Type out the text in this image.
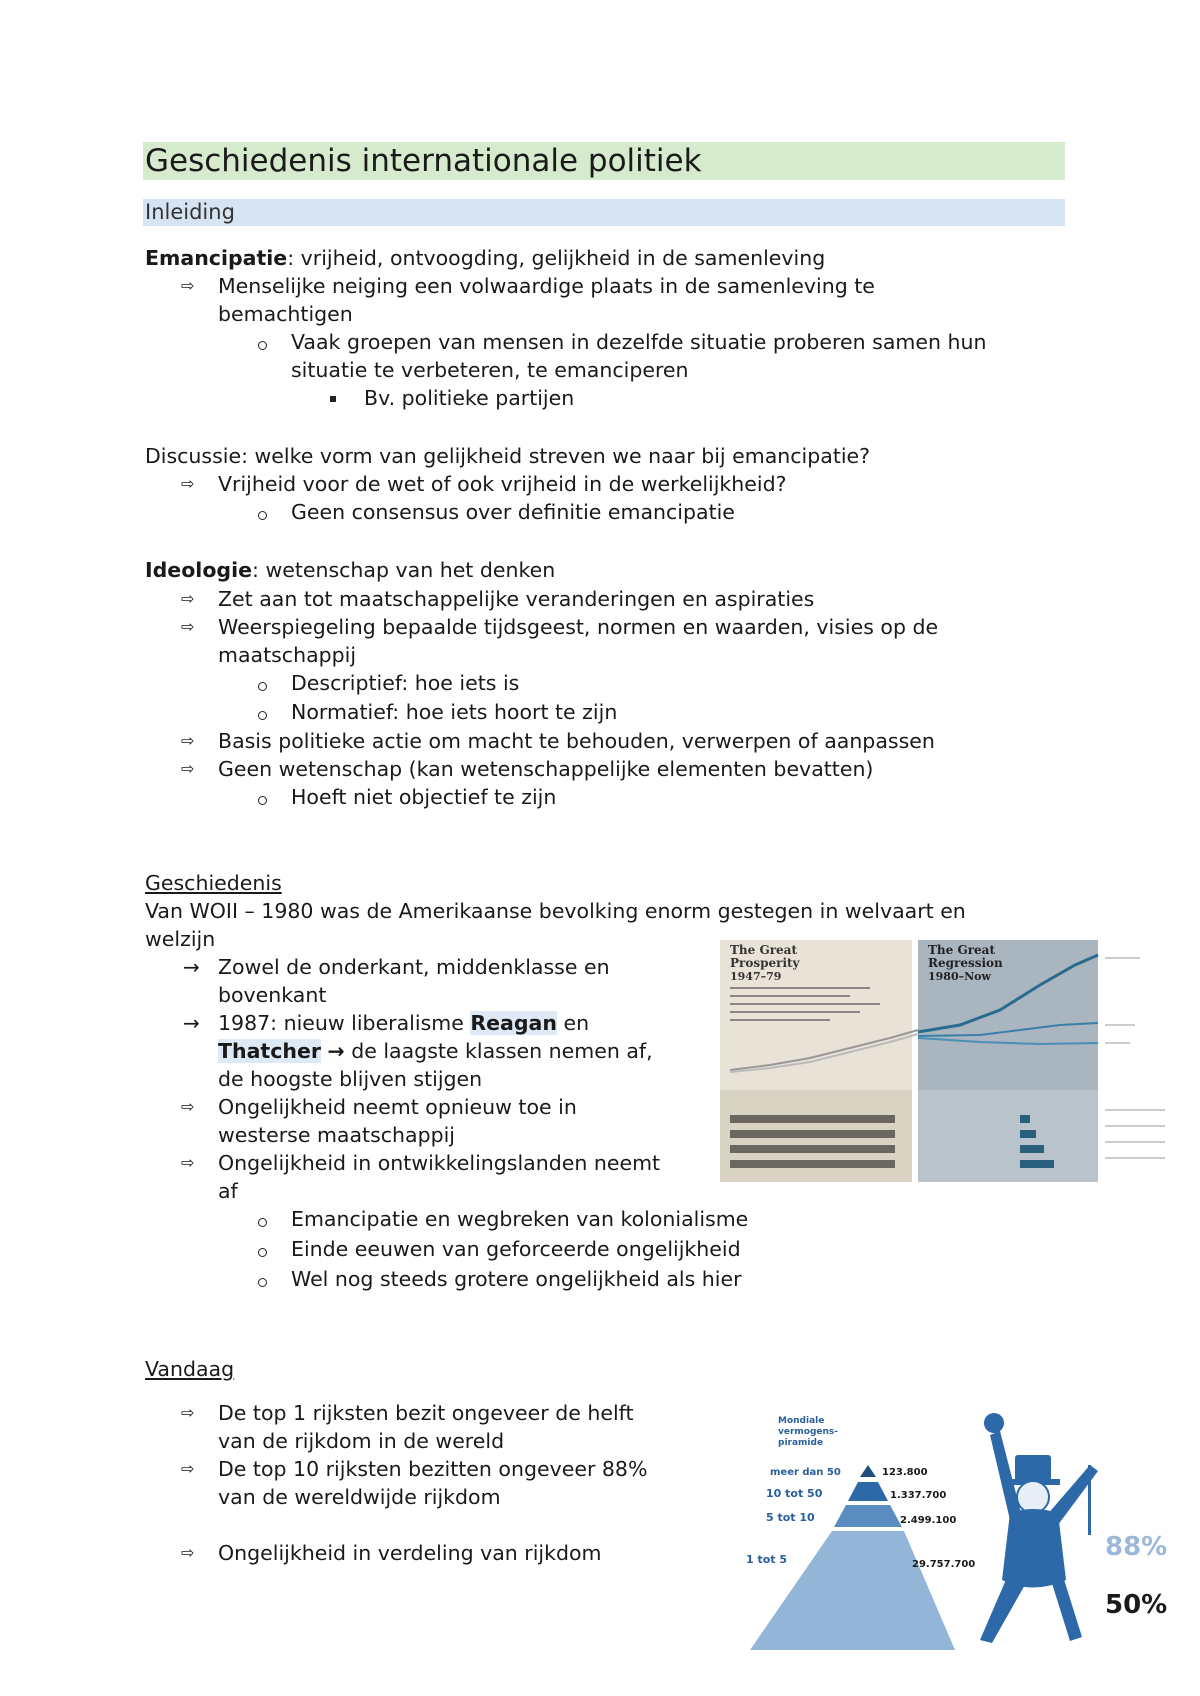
Geschiedenis internationale politiek
Inleiding
Emancipatie: vrijheid, ontvoogding, gelijkheid in de samenleving
⇨ Menselijke neiging een volwaardige plaats in de samenleving te
bemachtigen
Vaak groepen van mensen in dezelfde situatie proberen samen hun
situatie te verbeteren, te emanciperen
Bv. politieke partijen
Discussie: welke vorm van gelijkheid streven we naar bij emancipatie?
⇨ Vrijheid voor de wet of ook vrijheid in de werkelijkheid?
Geen consensus over definitie emancipatie
Ideologie: wetenschap van het denken
⇨ Zet aan tot maatschappelijke veranderingen en aspiraties
⇨ Weerspiegeling bepaalde tijdsgeest, normen en waarden, visies op de
maatschappij
Descriptief: hoe iets is
Normatief: hoe iets hoort te zijn
⇨ Basis politieke actie om macht te behouden, verwerpen of aanpassen
⇨ Geen wetenschap (kan wetenschappelijke elementen bevatten)
Hoeft niet objectief te zijn
Geschiedenis
Van WOII – 1980 was de Amerikaanse bevolking enorm gestegen in welvaart en
welzijn
→ Zowel de onderkant, middenklasse en
bovenkant
→ 1987: nieuw liberalisme Reagan en
Thatcher → de laagste klassen nemen af,
de hoogste blijven stijgen
⇨ Ongelijkheid neemt opnieuw toe in
westerse maatschappij
⇨ Ongelijkheid in ontwikkelingslanden neemt
af
Emancipatie en wegbreken van kolonialisme
Einde eeuwen van geforceerde ongelijkheid
Wel nog steeds grotere ongelijkheid als hier
The Great
Prosperity
1947–79
The Great
Regression
1980–Now
Vandaag
⇨ De top 1 rijksten bezit ongeveer de helft
van de rijkdom in de wereld
⇨ De top 10 rijksten bezitten ongeveer 88%
van de wereldwijde rijkdom
⇨ Ongelijkheid in verdeling van rijkdom
Mondiale
vermogens-
piramide
meer dan 50	123.800
10 tot 50	1.337.700
5 tot 10	2.499.100
1 tot 5	29.757.700
88%
50%
